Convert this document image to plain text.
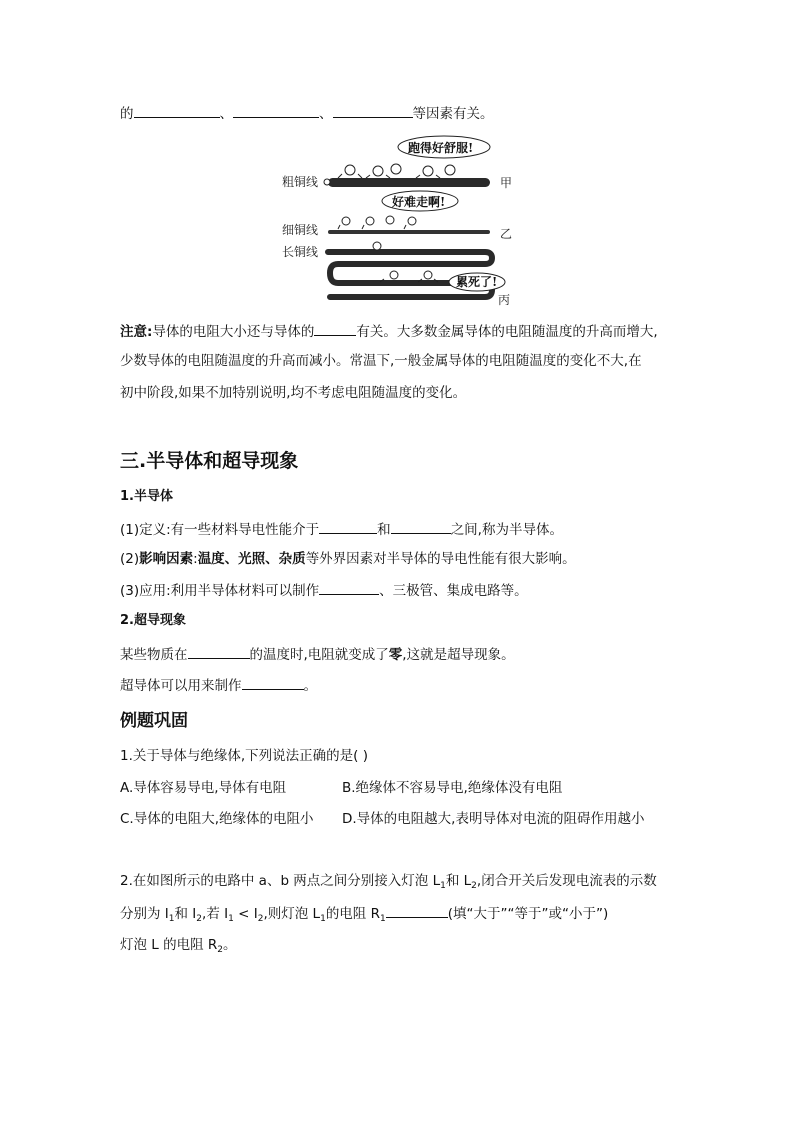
的	、	、	等因素有关。
粗铜线
细铜线
长铜线
甲
乙
丙
跑得好舒服!
好难走啊!
累死了!
注意:导体的电阻大小还与导体的	有关。大多数金属导体的电阻随温度的升高而增大,
少数导体的电阻随温度的升高而减小。常温下,一般金属导体的电阻随温度的变化不大,在
初中阶段,如果不加特别说明,均不考虑电阻随温度的变化。
三.半导体和超导现象
1.半导体
(1)定义:有一些材料导电性能介于	和	之间,称为半导体。
(2)影响因素:温度、光照、杂质等外界因素对半导体的导电性能有很大影响。
(3)应用:利用半导体材料可以制作	、三极管、集成电路等。
2.超导现象
某些物质在	的温度时,电阻就变成了零,这就是超导现象。
超导体可以用来制作	。
例题巩固
1.关于导体与绝缘体,下列说法正确的是( )
A.导体容易导电,导体有电阻	B.绝缘体不容易导电,绝缘体没有电阻
C.导体的电阻大,绝缘体的电阻小 D.导体的电阻越大,表明导体对电流的阻碍作用越小
2.在如图所示的电路中 a、b 两点之间分别接入灯泡 $L_1$和 $L_2$,闭合开关后发现电流表的示数
分别为 $I_1$和 $I_2$,若 $I_1 < I_2$,则灯泡 $L_1$的电阻 $R_1$	(填“大于”“等于”或“小于”)
灯泡 L 的电阻 $R_2$。
